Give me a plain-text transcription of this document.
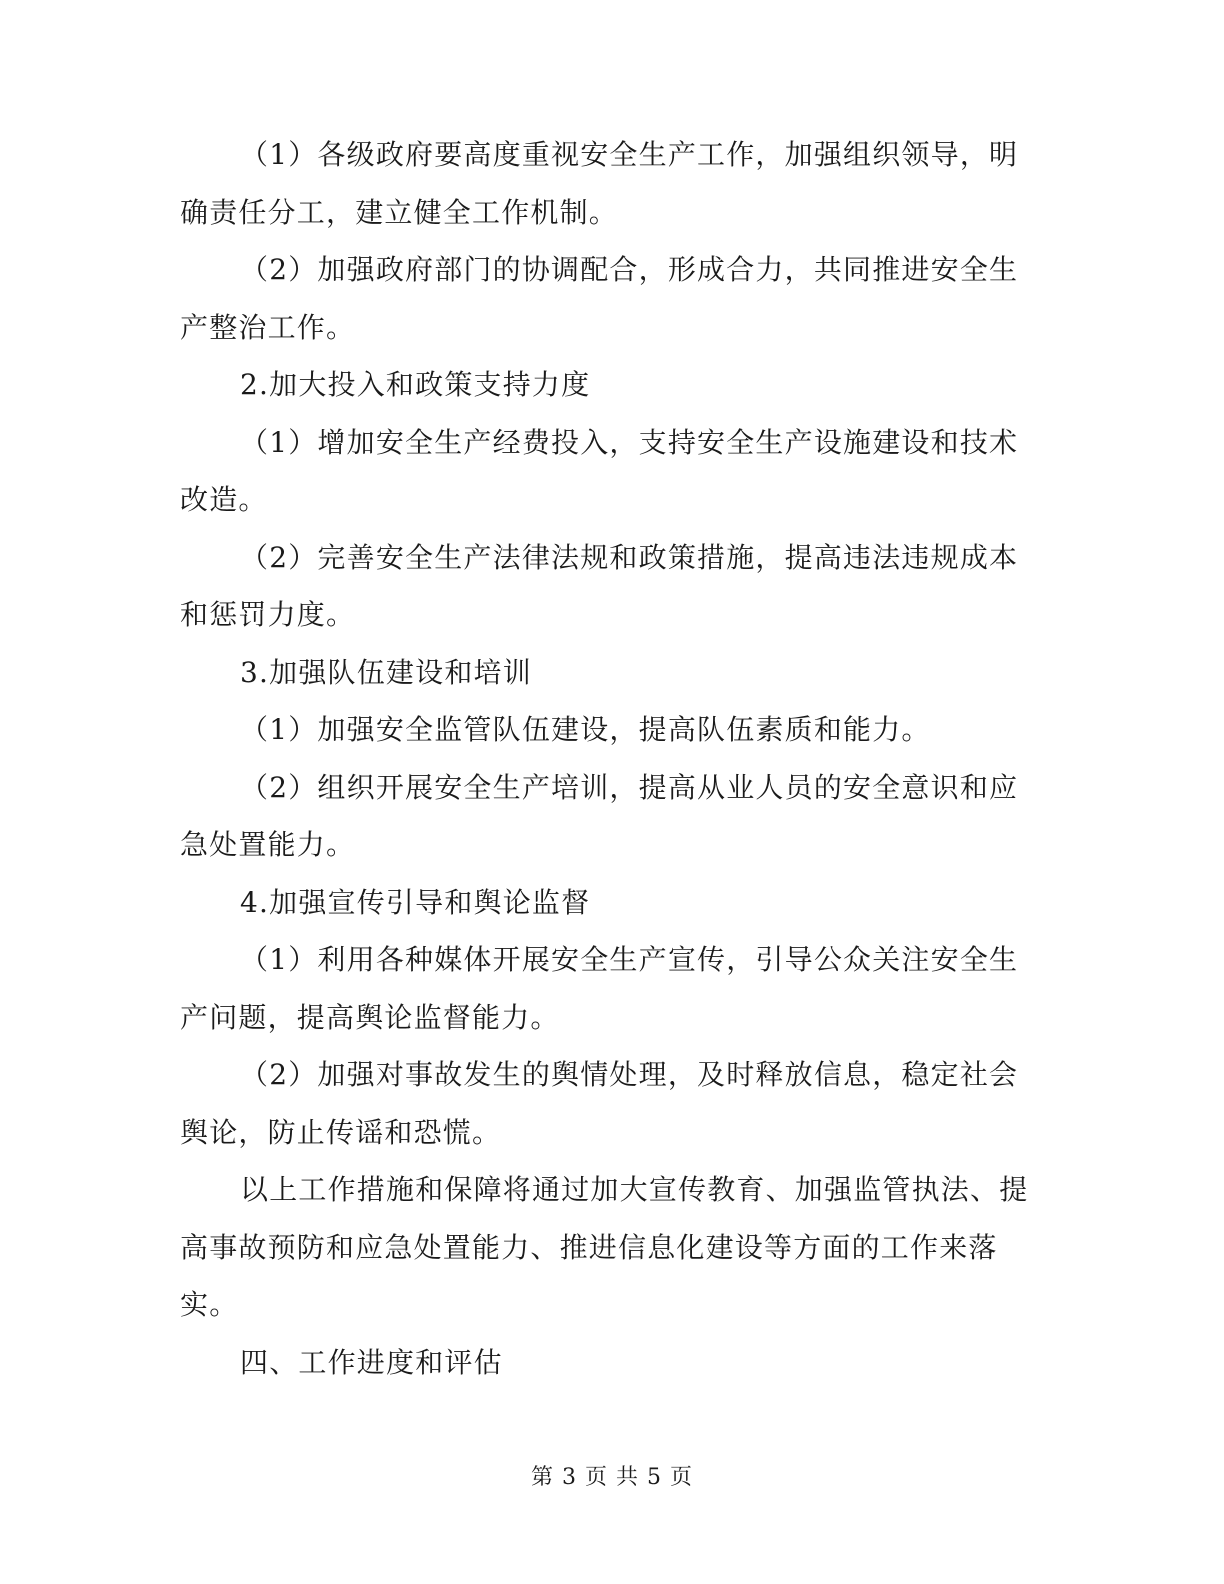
（1）各级政府要高度重视安全生产工作，加强组织领导，明确责任分工，建立健全工作机制。

（2）加强政府部门的协调配合，形成合力，共同推进安全生产整治工作。

2.加大投入和政策支持力度

（1）增加安全生产经费投入，支持安全生产设施建设和技术改造。

（2）完善安全生产法律法规和政策措施，提高违法违规成本和惩罚力度。

3.加强队伍建设和培训

（1）加强安全监管队伍建设，提高队伍素质和能力。

（2）组织开展安全生产培训，提高从业人员的安全意识和应急处置能力。

4.加强宣传引导和舆论监督

（1）利用各种媒体开展安全生产宣传，引导公众关注安全生产问题，提高舆论监督能力。

（2）加强对事故发生的舆情处理，及时释放信息，稳定社会舆论，防止传谣和恐慌。

以上工作措施和保障将通过加大宣传教育、加强监管执法、提高事故预防和应急处置能力、推进信息化建设等方面的工作来落实。

四、工作进度和评估

第 3 页 共 5 页
